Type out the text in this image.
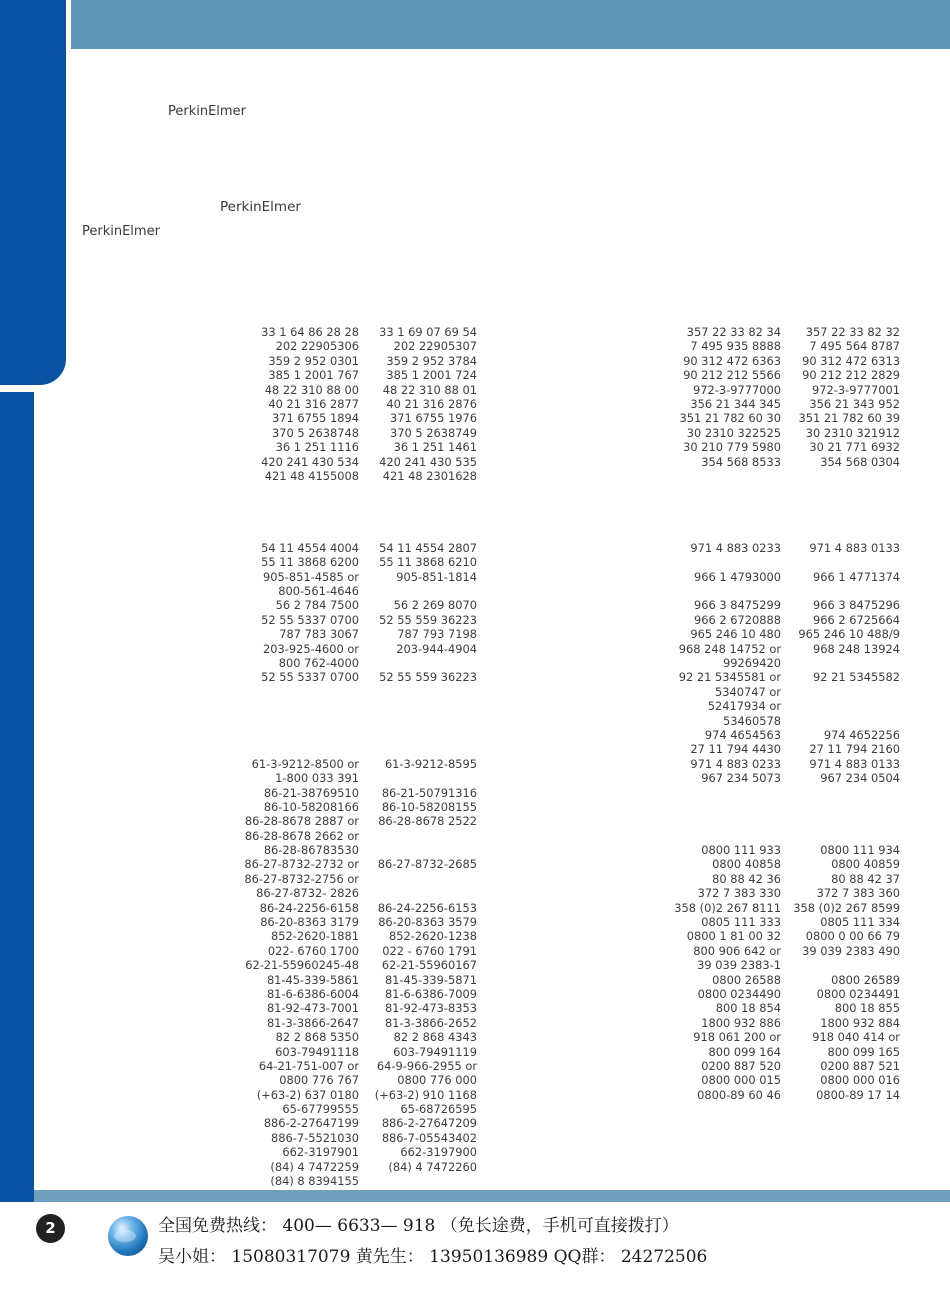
PerkinElmer
PerkinElmer
PerkinElmer
33 1 64 86 28 28
202 22905306
359 2 952 0301
385 1 2001 767
48 22 310 88 00
40 21 316 2877
371 6755 1894
370 5 2638748
36 1 251 1116
420 241 430 534
421 48 4155008
54 11 4554 4004
55 11 3868 6200
905-851-4585 or
800-561-4646
56 2 784 7500
52 55 5337 0700
787 783 3067
203-925-4600 or
800 762-4000
52 55 5337 0700
61-3-9212-8500 or
1-800 033 391
86-21-38769510
86-10-58208166
86-28-8678 2887 or
86-28-8678 2662 or
86-28-86783530
86-27-8732-2732 or
86-27-8732-2756 or
86-27-8732- 2826
86-24-2256-6158
86-20-8363 3179
852-2620-1881
022- 6760 1700
62-21-55960245-48
81-45-339-5861
81-6-6386-6004
81-92-473-7001
81-3-3866-2647
82 2 868 5350
603-79491118
64-21-751-007 or
0800 776 767
(+63-2) 637 0180
65-67799555
886-2-27647199
886-7-5521030
662-3197901
(84) 4 7472259
(84) 8 8394155
33 1 69 07 69 54
202 22905307
359 2 952 3784
385 1 2001 724
48 22 310 88 01
40 21 316 2876
371 6755 1976
370 5 2638749
36 1 251 1461
420 241 430 535
421 48 2301628
54 11 4554 2807
55 11 3868 6210
905-851-1814
56 2 269 8070
52 55 559 36223
787 793 7198
203-944-4904
52 55 559 36223
61-3-9212-8595
86-21-50791316
86-10-58208155
86-28-8678 2522
86-27-8732-2685
86-24-2256-6153
86-20-8363 3579
852-2620-1238
022 - 6760 1791
62-21-55960167
81-45-339-5871
81-6-6386-7009
81-92-473-8353
81-3-3866-2652
82 2 868 4343
603-79491119
64-9-966-2955 or
0800 776 000
(+63-2) 910 1168
65-68726595
886-2-27647209
886-7-05543402
662-3197900
(84) 4 7472260
357 22 33 82 34
7 495 935 8888
90 312 472 6363
90 212 212 5566
972-3-9777000
356 21 344 345
351 21 782 60 30
30 2310 322525
30 210 779 5980
354 568 8533
971 4 883 0233
966 1 4793000
966 3 8475299
966 2 6720888
965 246 10 480
968 248 14752 or
99269420
92 21 5345581 or
5340747 or
52417934 or
53460578
974 4654563
27 11 794 4430
971 4 883 0233
967 234 5073
0800 111 933
0800 40858
80 88 42 36
372 7 383 330
358 (0)2 267 8111
0805 111 333
0800 1 81 00 32
800 906 642 or
39 039 2383-1
0800 26588
0800 0234490
800 18 854
1800 932 886
918 061 200 or
800 099 164
0200 887 520
0800 000 015
0800-89 60 46
357 22 33 82 32
7 495 564 8787
90 312 472 6313
90 212 212 2829
972-3-9777001
356 21 343 952
351 21 782 60 39
30 2310 321912
30 21 771 6932
354 568 0304
971 4 883 0133
966 1 4771374
966 3 8475296
966 2 6725664
965 246 10 488/9
968 248 13924
92 21 5345582
974 4652256
27 11 794 2160
971 4 883 0133
967 234 0504
0800 111 934
0800 40859
80 88 42 37
372 7 383 360
358 (0)2 267 8599
0805 111 334
0800 0 00 66 79
39 039 2383 490
0800 26589
0800 0234491
800 18 855
1800 932 884
918 040 414 or
800 099 165
0200 887 521
0800 000 016
0800-89 17 14
2	全国免费热线： 400— 6633— 918 （免长途费，手机可直接拨打）
吴小姐： 15080317079 黄先生： 13950136989 QQ群： 24272506
